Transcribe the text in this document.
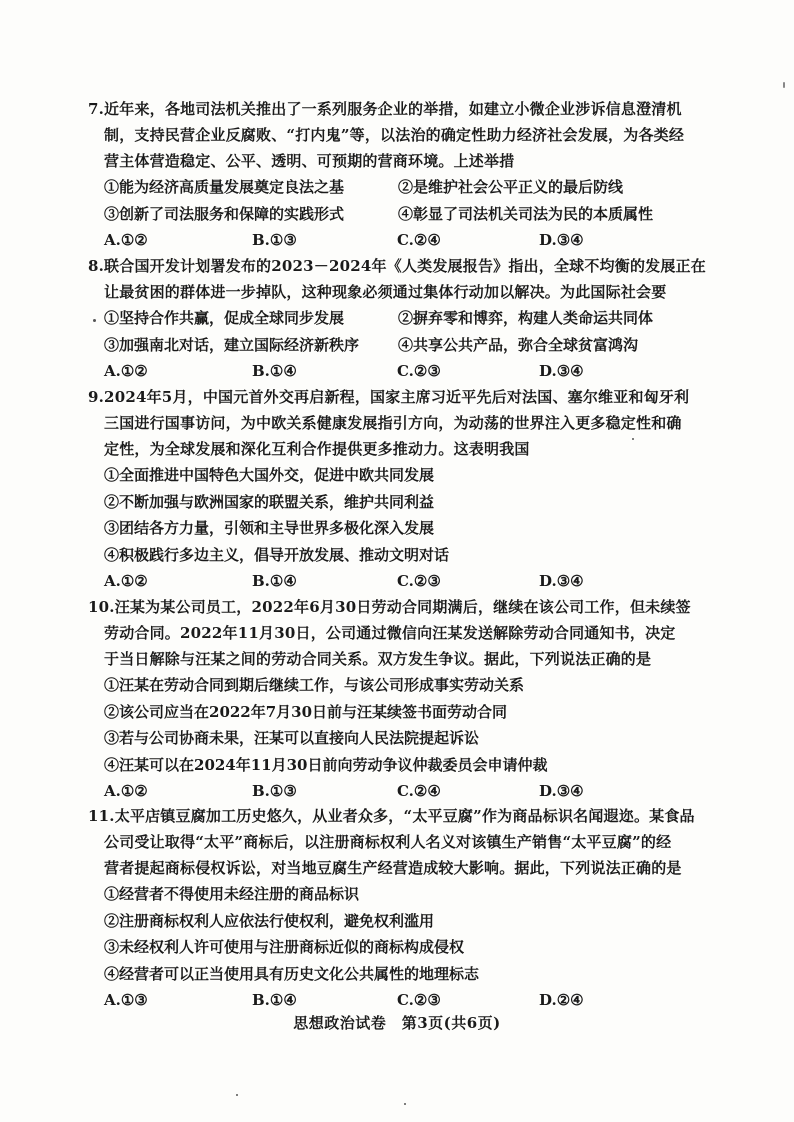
7.近年来，各地司法机关推出了一系列服务企业的举措，如建立小微企业涉诉信息澄清机
制，支持民营企业反腐败、“打内鬼”等，以法治的确定性助力经济社会发展，为各类经
营主体营造稳定、公平、透明、可预期的营商环境。上述举措
①能为经济高质量发展奠定良法之基	②是维护社会公平正义的最后防线
③创新了司法服务和保障的实践形式	④彰显了司法机关司法为民的本质属性
A.①②	B.①③	C.②④	D.③④
8.联合国开发计划署发布的2023－2024年《人类发展报告》指出，全球不均衡的发展正在
让最贫困的群体进一步掉队，这种现象必须通过集体行动加以解决。为此国际社会要
①坚持合作共赢，促成全球同步发展	②摒弃零和博弈，构建人类命运共同体
③加强南北对话，建立国际经济新秩序	④共享公共产品，弥合全球贫富鸿沟
A.①②	B.①④	C.②③	D.③④
9.2024年5月，中国元首外交再启新程，国家主席习近平先后对法国、塞尔维亚和匈牙利
三国进行国事访问，为中欧关系健康发展指引方向，为动荡的世界注入更多稳定性和确
定性，为全球发展和深化互利合作提供更多推动力。这表明我国
①全面推进中国特色大国外交，促进中欧共同发展
②不断加强与欧洲国家的联盟关系，维护共同利益
③团结各方力量，引领和主导世界多极化深入发展
④积极践行多边主义，倡导开放发展、推动文明对话
A.①②	B.①④	C.②③	D.③④
10.汪某为某公司员工，2022年6月30日劳动合同期满后，继续在该公司工作，但未续签
劳动合同。2022年11月30日，公司通过微信向汪某发送解除劳动合同通知书，决定
于当日解除与汪某之间的劳动合同关系。双方发生争议。据此，下列说法正确的是
①汪某在劳动合同到期后继续工作，与该公司形成事实劳动关系
②该公司应当在2022年7月30日前与汪某续签书面劳动合同
③若与公司协商未果，汪某可以直接向人民法院提起诉讼
④汪某可以在2024年11月30日前向劳动争议仲裁委员会申请仲裁
A.①②	B.①③	C.②④	D.③④
11.太平店镇豆腐加工历史悠久，从业者众多，“太平豆腐”作为商品标识名闻遐迩。某食品
公司受让取得“太平”商标后，以注册商标权利人名义对该镇生产销售“太平豆腐”的经
营者提起商标侵权诉讼，对当地豆腐生产经营造成较大影响。据此，下列说法正确的是
①经营者不得使用未经注册的商品标识
②注册商标权利人应依法行使权利，避免权利滥用
③未经权利人许可使用与注册商标近似的商标构成侵权
④经营者可以正当使用具有历史文化公共属性的地理标志
A.①③	B.①④	C.②③	D.②④
思想政治试卷　第3页(共6页)
